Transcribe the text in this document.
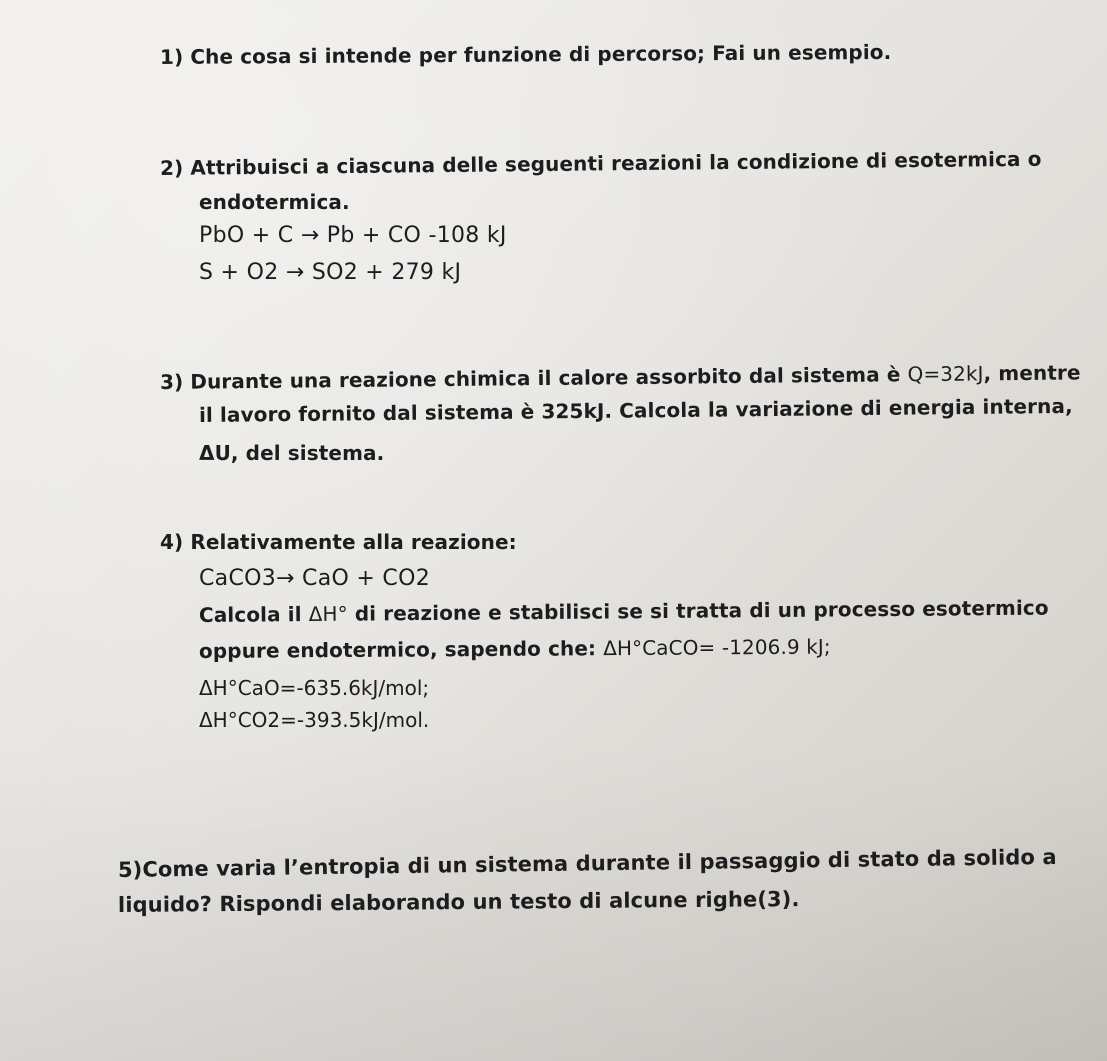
1) Che cosa si intende per funzione di percorso; Fai un esempio.
2) Attribuisci a ciascuna delle seguenti reazioni la condizione di esotermica o
endotermica.
PbO + C → Pb + CO -108 kJ
S + O2 → SO2 + 279 kJ
3) Durante una reazione chimica il calore assorbito dal sistema è Q=32kJ, mentre
il lavoro fornito dal sistema è 325kJ. Calcola la variazione di energia interna,
ΔU, del sistema.
4) Relativamente alla reazione:
CaCO3→ CaO + CO2
Calcola il ΔH° di reazione e stabilisci se si tratta di un processo esotermico
oppure endotermico, sapendo che: ΔH°CaCO= -1206.9 kJ;
ΔH°CaO=-635.6kJ/mol;
ΔH°CO2=-393.5kJ/mol.
5)Come varia l’entropia di un sistema durante il passaggio di stato da solido a
liquido? Rispondi elaborando un testo di alcune righe(3).
